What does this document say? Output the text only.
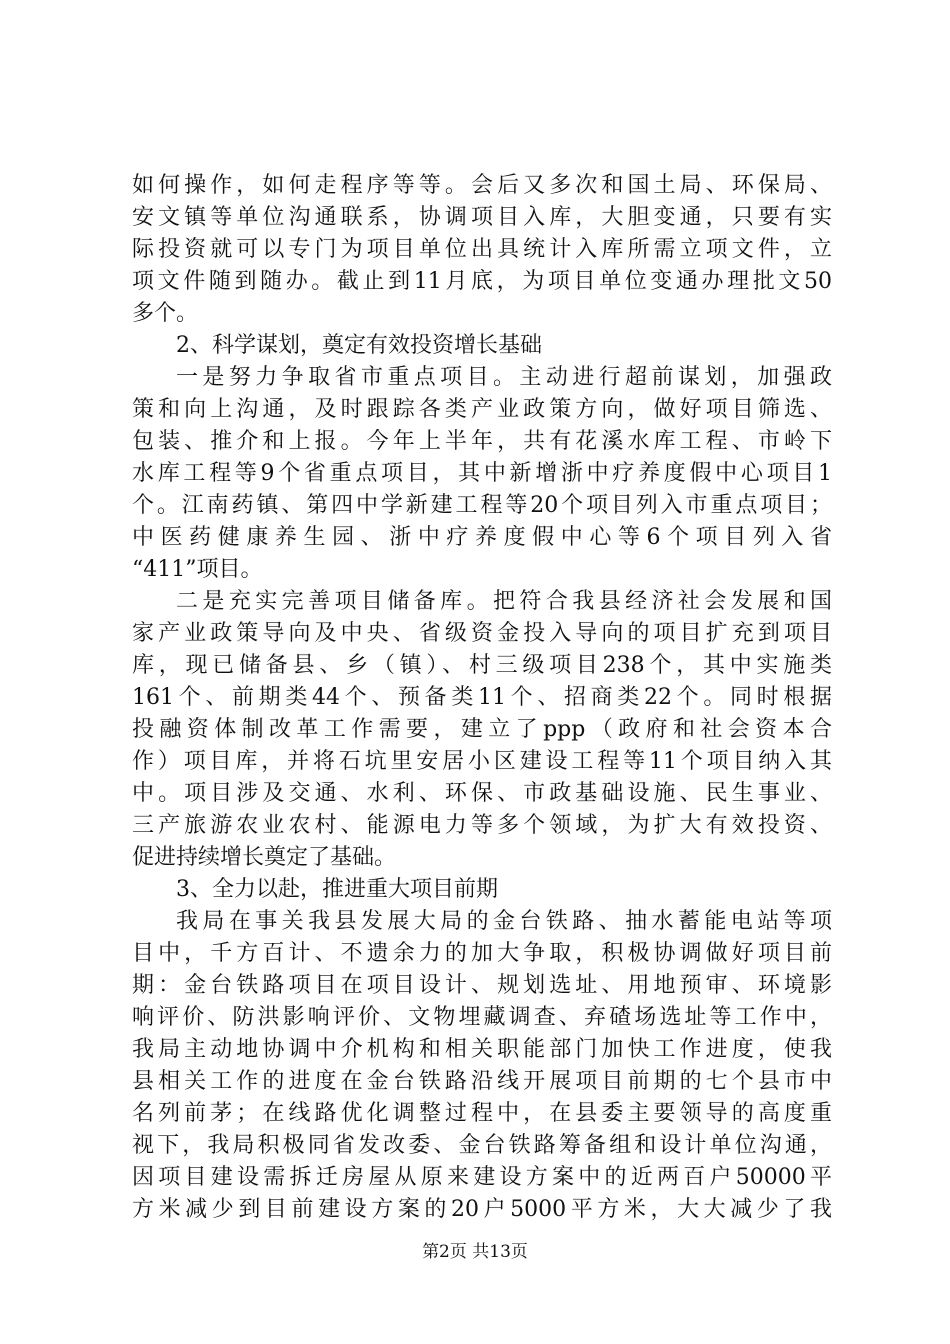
如何操作，如何走程序等等。会后又多次和国土局、环保局、
安文镇等单位沟通联系，协调项目入库，大胆变通，只要有实
际投资就可以专门为项目单位出具统计入库所需立项文件，立
项文件随到随办。截止到11月底，为项目单位变通办理批文50
多个。
2、科学谋划，奠定有效投资增长基础
一是努力争取省市重点项目。主动进行超前谋划，加强政
策和向上沟通，及时跟踪各类产业政策方向，做好项目筛选、
包装、推介和上报。今年上半年，共有花溪水库工程、市岭下
水库工程等9个省重点项目，其中新增浙中疗养度假中心项目1
个。江南药镇、第四中学新建工程等20个项目列入市重点项目；
中医药健康养生园、浙中疗养度假中心等6个项目列入省
“411”项目。
二是充实完善项目储备库。把符合我县经济社会发展和国
家产业政策导向及中央、省级资金投入导向的项目扩充到项目
库，现已储备县、乡（镇）、村三级项目238个，其中实施类
161个、前期类44个、预备类11个、招商类22个。同时根据
投融资体制改革工作需要，建立了ppp（政府和社会资本合
作）项目库，并将石坑里安居小区建设工程等11个项目纳入其
中。项目涉及交通、水利、环保、市政基础设施、民生事业、
三产旅游农业农村、能源电力等多个领域，为扩大有效投资、
促进持续增长奠定了基础。
3、全力以赴，推进重大项目前期
我局在事关我县发展大局的金台铁路、抽水蓄能电站等项
目中，千方百计、不遗余力的加大争取，积极协调做好项目前
期：金台铁路项目在项目设计、规划选址、用地预审、环境影
响评价、防洪影响评价、文物埋藏调查、弃碴场选址等工作中，
我局主动地协调中介机构和相关职能部门加快工作进度，使我
县相关工作的进度在金台铁路沿线开展项目前期的七个县市中
名列前茅；在线路优化调整过程中，在县委主要领导的高度重
视下，我局积极同省发改委、金台铁路筹备组和设计单位沟通，
因项目建设需拆迁房屋从原来建设方案中的近两百户50000平
方米减少到目前建设方案的20户5000平方米，大大减少了我
第2页 共13页
